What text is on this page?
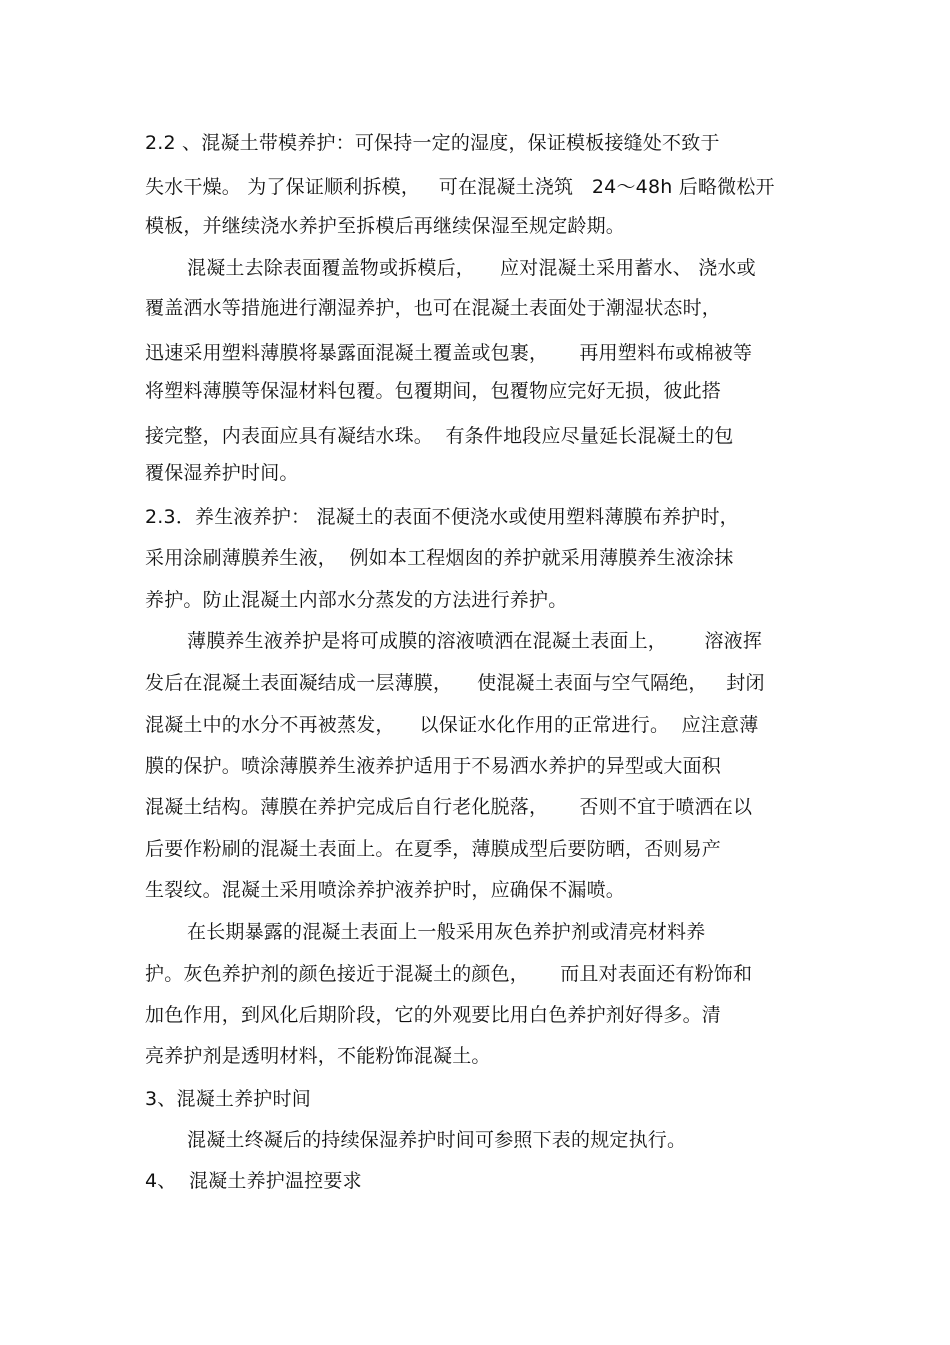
2.2 、混凝土带模养护：可保持一定的湿度，保证模板接缝处不致于
失水干燥。 为了保证顺利拆模，   可在混凝土浇筑   24～48h 后略微松开
模板，并继续浇水养护至拆模后再继续保湿至规定龄期。
混凝土去除表面覆盖物或拆模后，    应对混凝土采用蓄水、 浇水或
覆盖洒水等措施进行潮湿养护，也可在混凝土表面处于潮湿状态时，
迅速采用塑料薄膜将暴露面混凝土覆盖或包裹，     再用塑料布或棉被等
将塑料薄膜等保湿材料包覆。包覆期间，包覆物应完好无损，彼此搭
接完整，内表面应具有凝结水珠。  有条件地段应尽量延长混凝土的包
覆保湿养护时间。
2.3．养生液养护： 混凝土的表面不便浇水或使用塑料薄膜布养护时，
采用涂刷薄膜养生液，  例如本工程烟囱的养护就采用薄膜养生液涂抹
养护。防止混凝土内部水分蒸发的方法进行养护。
薄膜养生液养护是将可成膜的溶液喷洒在混凝土表面上，      溶液挥
发后在混凝土表面凝结成一层薄膜，    使混凝土表面与空气隔绝，   封闭
混凝土中的水分不再被蒸发，    以保证水化作用的正常进行。  应注意薄
膜的保护。喷涂薄膜养生液养护适用于不易洒水养护的异型或大面积
混凝土结构。薄膜在养护完成后自行老化脱落，     否则不宜于喷洒在以
后要作粉刷的混凝土表面上。在夏季，薄膜成型后要防晒，否则易产
生裂纹。混凝土采用喷涂养护液养护时，应确保不漏喷。
在长期暴露的混凝土表面上一般采用灰色养护剂或清亮材料养
护。灰色养护剂的颜色接近于混凝土的颜色，     而且对表面还有粉饰和
加色作用，到风化后期阶段，它的外观要比用白色养护剂好得多。清
亮养护剂是透明材料，不能粉饰混凝土。
3、混凝土养护时间
混凝土终凝后的持续保湿养护时间可参照下表的规定执行。
4、  混凝土养护温控要求
